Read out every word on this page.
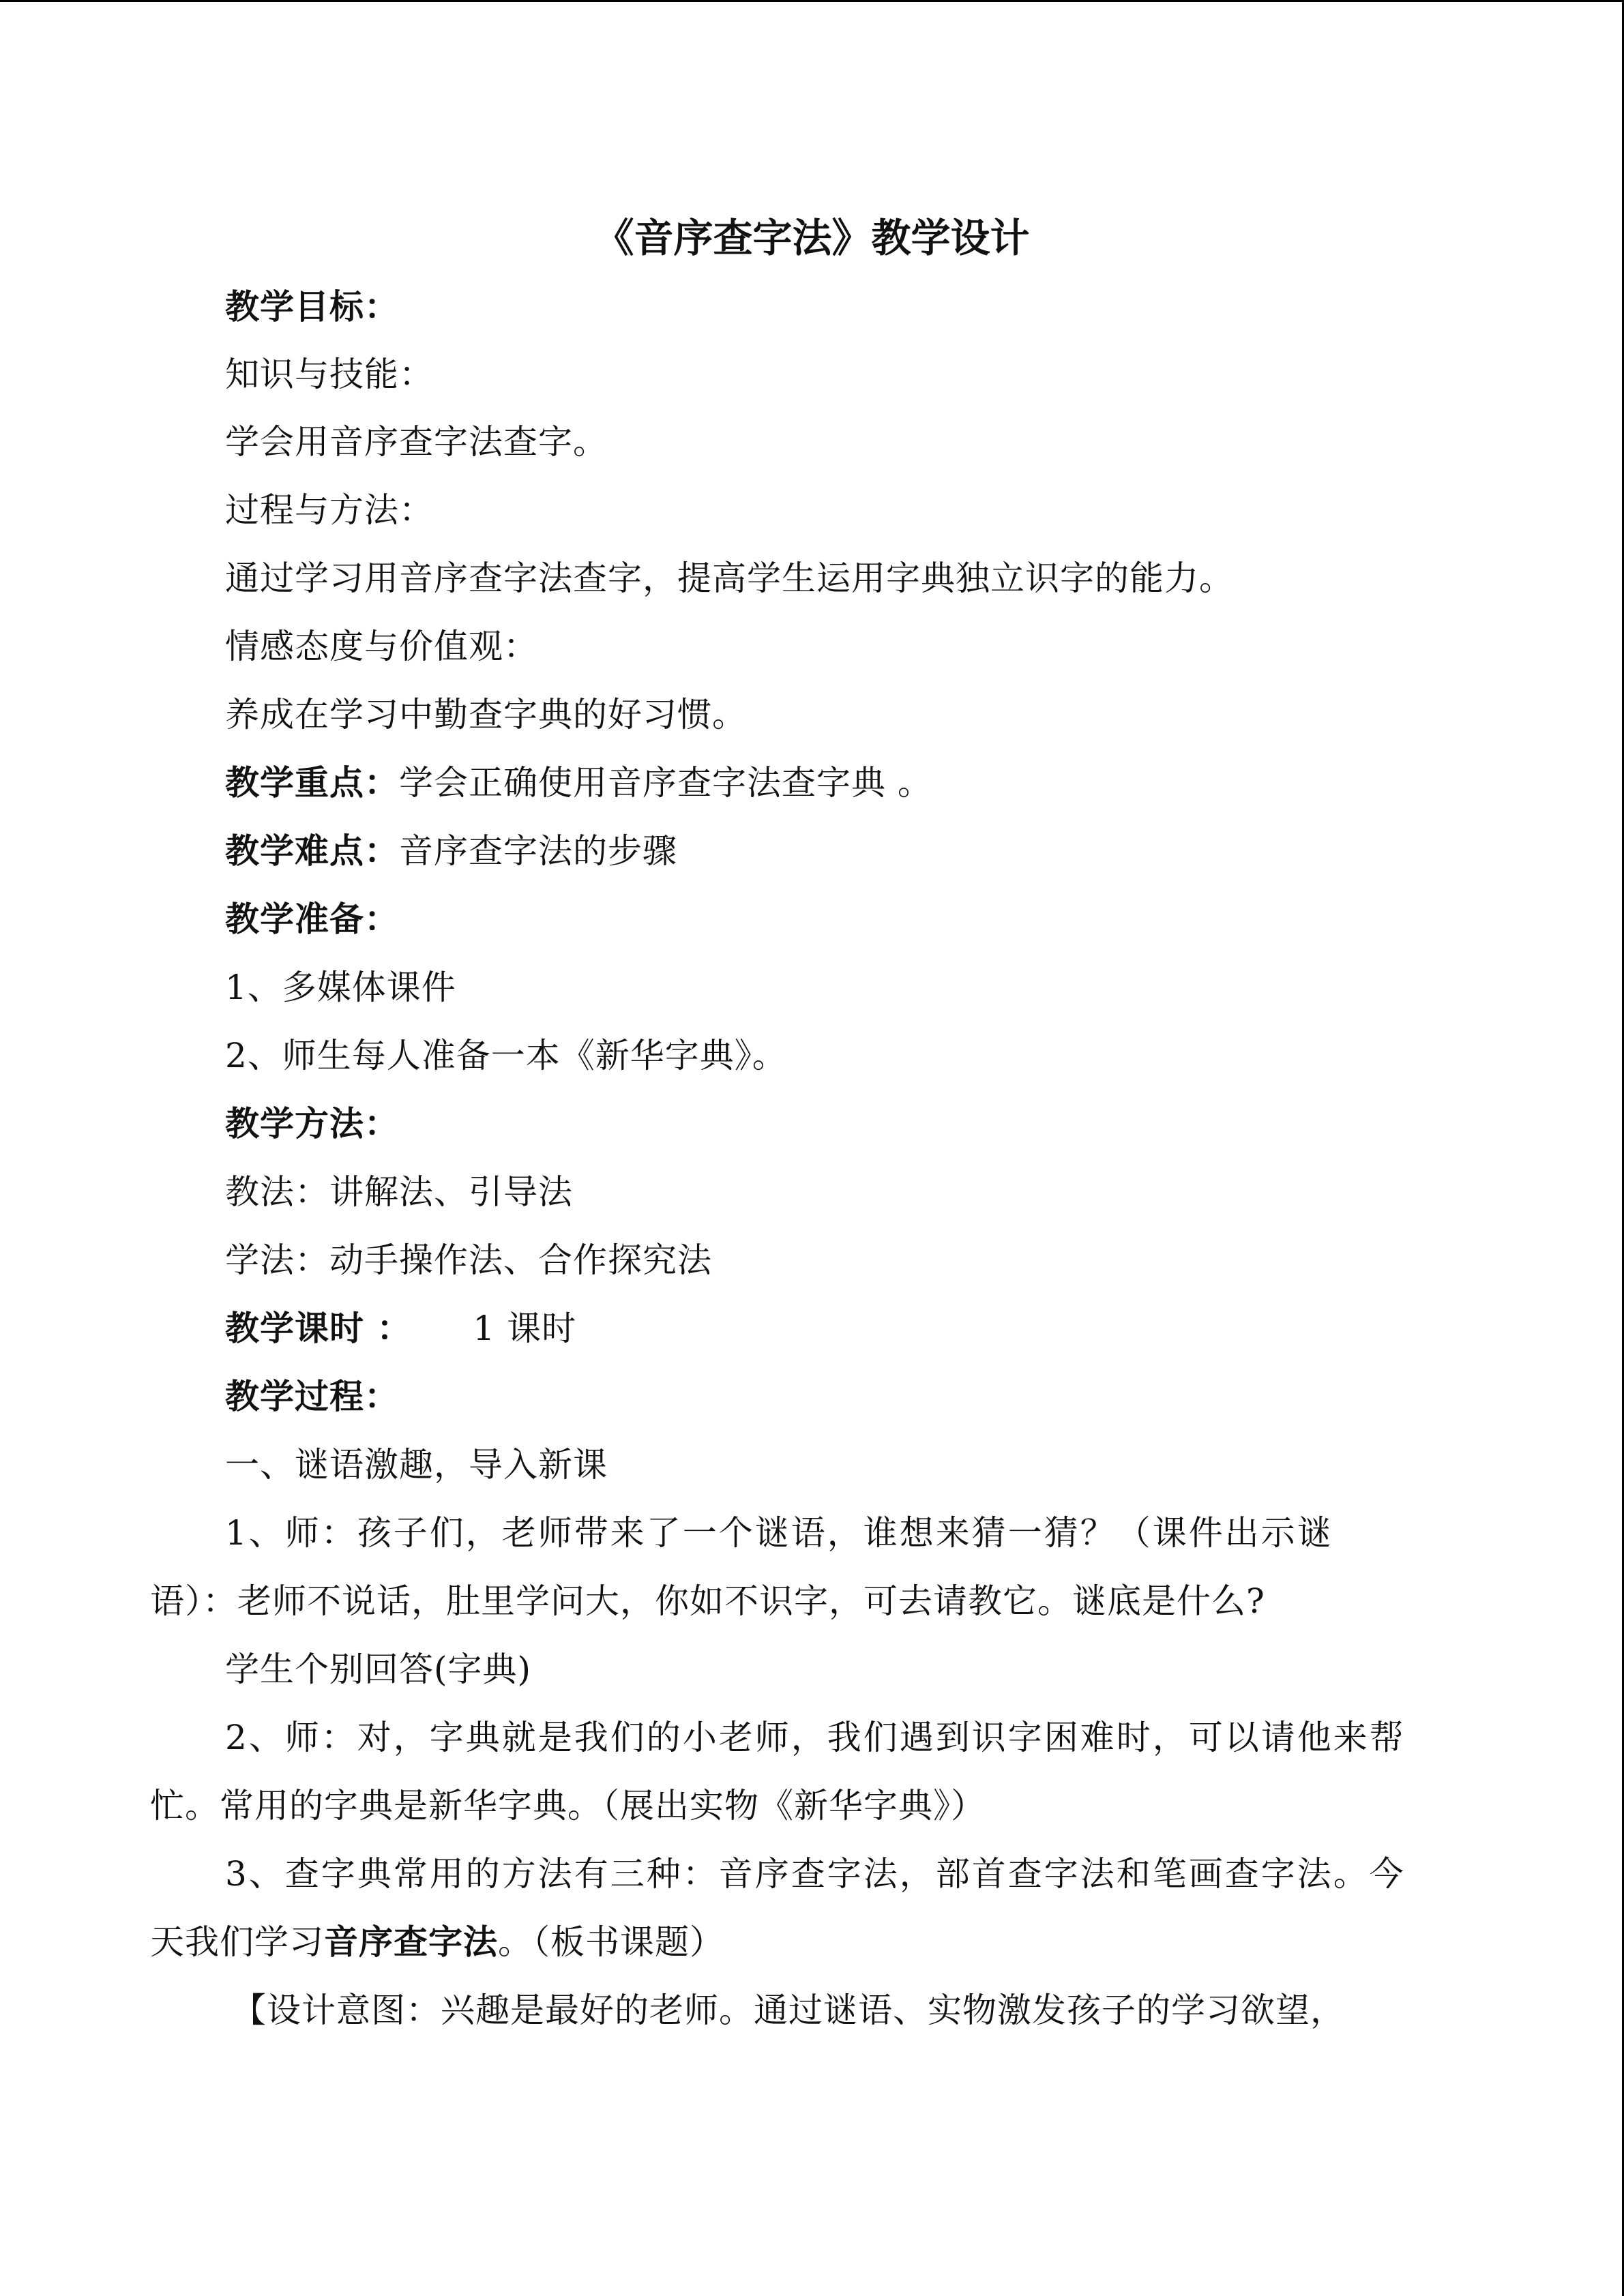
《音序查字法》教学设计
教学目标：
知识与技能：
学会用音序查字法查字。
过程与方法：
通过学习用音序查字法查字，提高学生运用字典独立识字的能力。
情感态度与价值观：
养成在学习中勤查字典的好习惯。
教学重点：学会正确使用音序查字法查字典 。
教学难点：音序查字法的步骤
教学准备：
1、多媒体课件
2、师生每人准备一本《新华字典》。
教学方法：
教法：讲解法、引导法
学法：动手操作法、合作探究法
教学课时 ： 1 课时
教学过程：
一、谜语激趣，导入新课
1、师：孩子们，老师带来了一个谜语，谁想来猜一猜？（课件出示谜
语）：老师不说话，肚里学问大，你如不识字，可去请教它。谜底是什么?
学生个别回答(字典)
2、师：对，字典就是我们的小老师，我们遇到识字困难时，可以请他来帮
忙。常用的字典是新华字典。（展出实物《新华字典》）
3、查字典常用的方法有三种：音序查字法，部首查字法和笔画查字法。今
天我们学习音序查字法。（板书课题）
【设计意图：兴趣是最好的老师。通过谜语、实物激发孩子的学习欲望，
